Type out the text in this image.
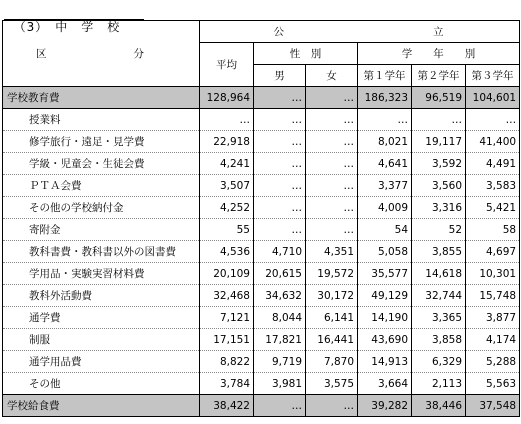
（3）　中　学　校

区　　分	公			立		
	平均	性　別		学　　年　　別		
		男	女	第１学年	第２学年	第３学年
学校教育費	128,964	…	…	186,323	96,519	104,601
授業料	…	…	…	…	…	…
修学旅行・遠足・見学費	22,918	…	…	8,021	19,117	41,400
学級・児童会・生徒会費	4,241	…	…	4,641	3,592	4,491
ＰＴＡ会費	3,507	…	…	3,377	3,560	3,583
その他の学校納付金	4,252	…	…	4,009	3,316	5,421
寄附金	55	…	…	54	52	58
教科書費・教科書以外の図書費	4,536	4,710	4,351	5,058	3,855	4,697
学用品・実験実習材料費	20,109	20,615	19,572	35,577	14,618	10,301
教科外活動費	32,468	34,632	30,172	49,129	32,744	15,748
通学費	7,121	8,044	6,141	14,190	3,365	3,877
制服	17,151	17,821	16,441	43,690	3,858	4,174
通学用品費	8,822	9,719	7,870	14,913	6,329	5,288
その他	3,784	3,981	3,575	3,664	2,113	5,563
学校給食費	38,422	…	…	39,282	38,446	37,548
